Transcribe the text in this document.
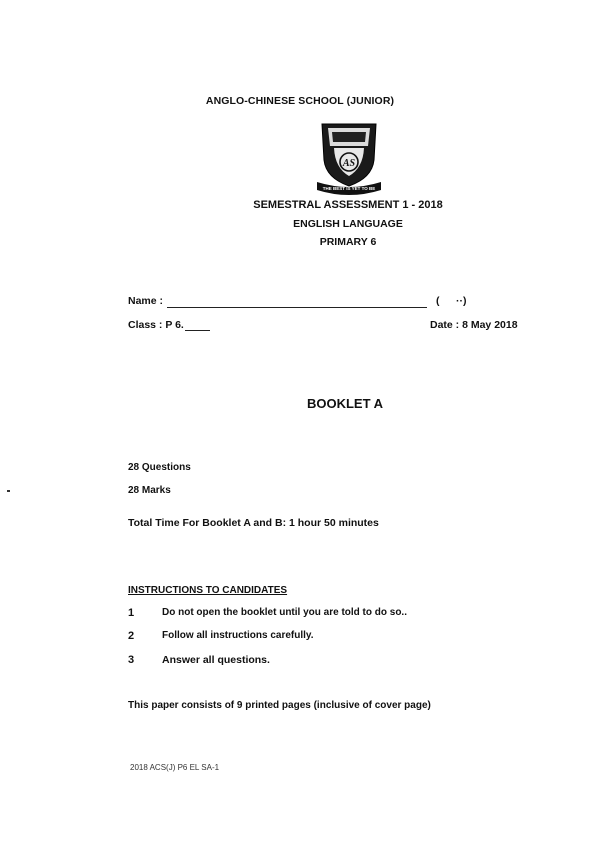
ANGLO-CHINESE SCHOOL (JUNIOR)
AS
THE BEST IS YET TO BE
SEMESTRAL ASSESSMENT 1 - 2018
ENGLISH LANGUAGE
PRIMARY 6
Name :	( ··)
Class : P 6.	Date : 8 May 2018
BOOKLET A
28 Questions
28 Marks
Total Time For Booklet A and B: 1 hour 50 minutes
INSTRUCTIONS TO CANDIDATES
1	Do not open the booklet until you are told to do so..
2	Follow all instructions carefully.
3	Answer all questions.
This paper consists of 9 printed pages (inclusive of cover page)
2018 ACS(J) P6 EL SA-1
